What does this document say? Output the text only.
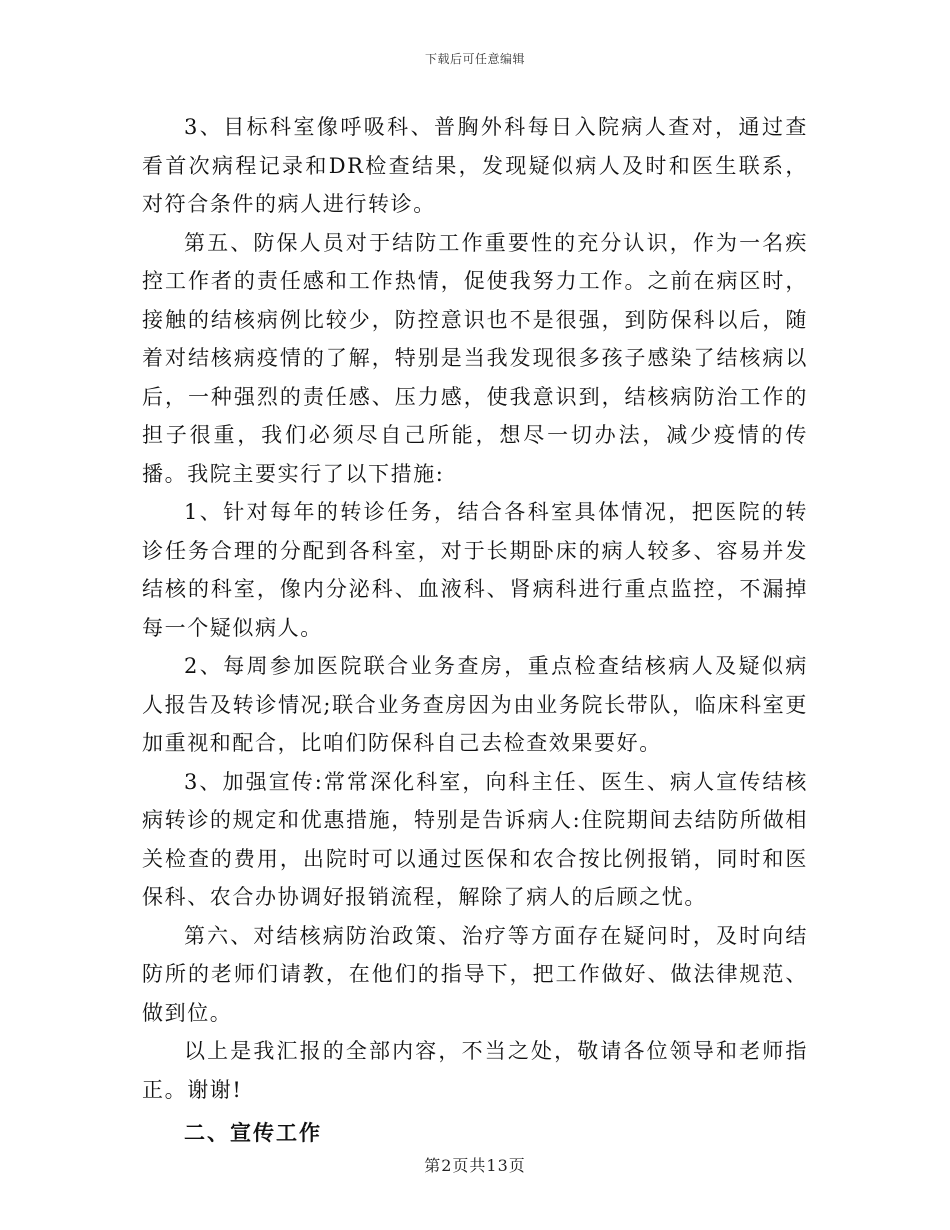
下载后可任意编辑

3、目标科室像呼吸科、普胸外科每日入院病人查对，通过查看首次病程记录和DR检查结果，发现疑似病人及时和医生联系，对符合条件的病人进行转诊。

第五、防保人员对于结防工作重要性的充分认识，作为一名疾控工作者的责任感和工作热情，促使我努力工作。之前在病区时，接触的结核病例比较少，防控意识也不是很强，到防保科以后，随着对结核病疫情的了解，特别是当我发现很多孩子感染了结核病以后，一种强烈的责任感、压力感，使我意识到，结核病防治工作的担子很重，我们必须尽自己所能，想尽一切办法，减少疫情的传播。我院主要实行了以下措施:

1、针对每年的转诊任务，结合各科室具体情况，把医院的转诊任务合理的分配到各科室，对于长期卧床的病人较多、容易并发结核的科室，像内分泌科、血液科、肾病科进行重点监控，不漏掉每一个疑似病人。

2、每周参加医院联合业务查房，重点检查结核病人及疑似病人报告及转诊情况;联合业务查房因为由业务院长带队，临床科室更加重视和配合，比咱们防保科自己去检查效果要好。

3、加强宣传:常常深化科室，向科主任、医生、病人宣传结核病转诊的规定和优惠措施，特别是告诉病人:住院期间去结防所做相关检查的费用，出院时可以通过医保和农合按比例报销，同时和医保科、农合办协调好报销流程，解除了病人的后顾之忧。

第六、对结核病防治政策、治疗等方面存在疑问时，及时向结防所的老师们请教，在他们的指导下，把工作做好、做法律规范、做到位。

以上是我汇报的全部内容，不当之处，敬请各位领导和老师指正。谢谢!

二、宣传工作

第2页共13页
